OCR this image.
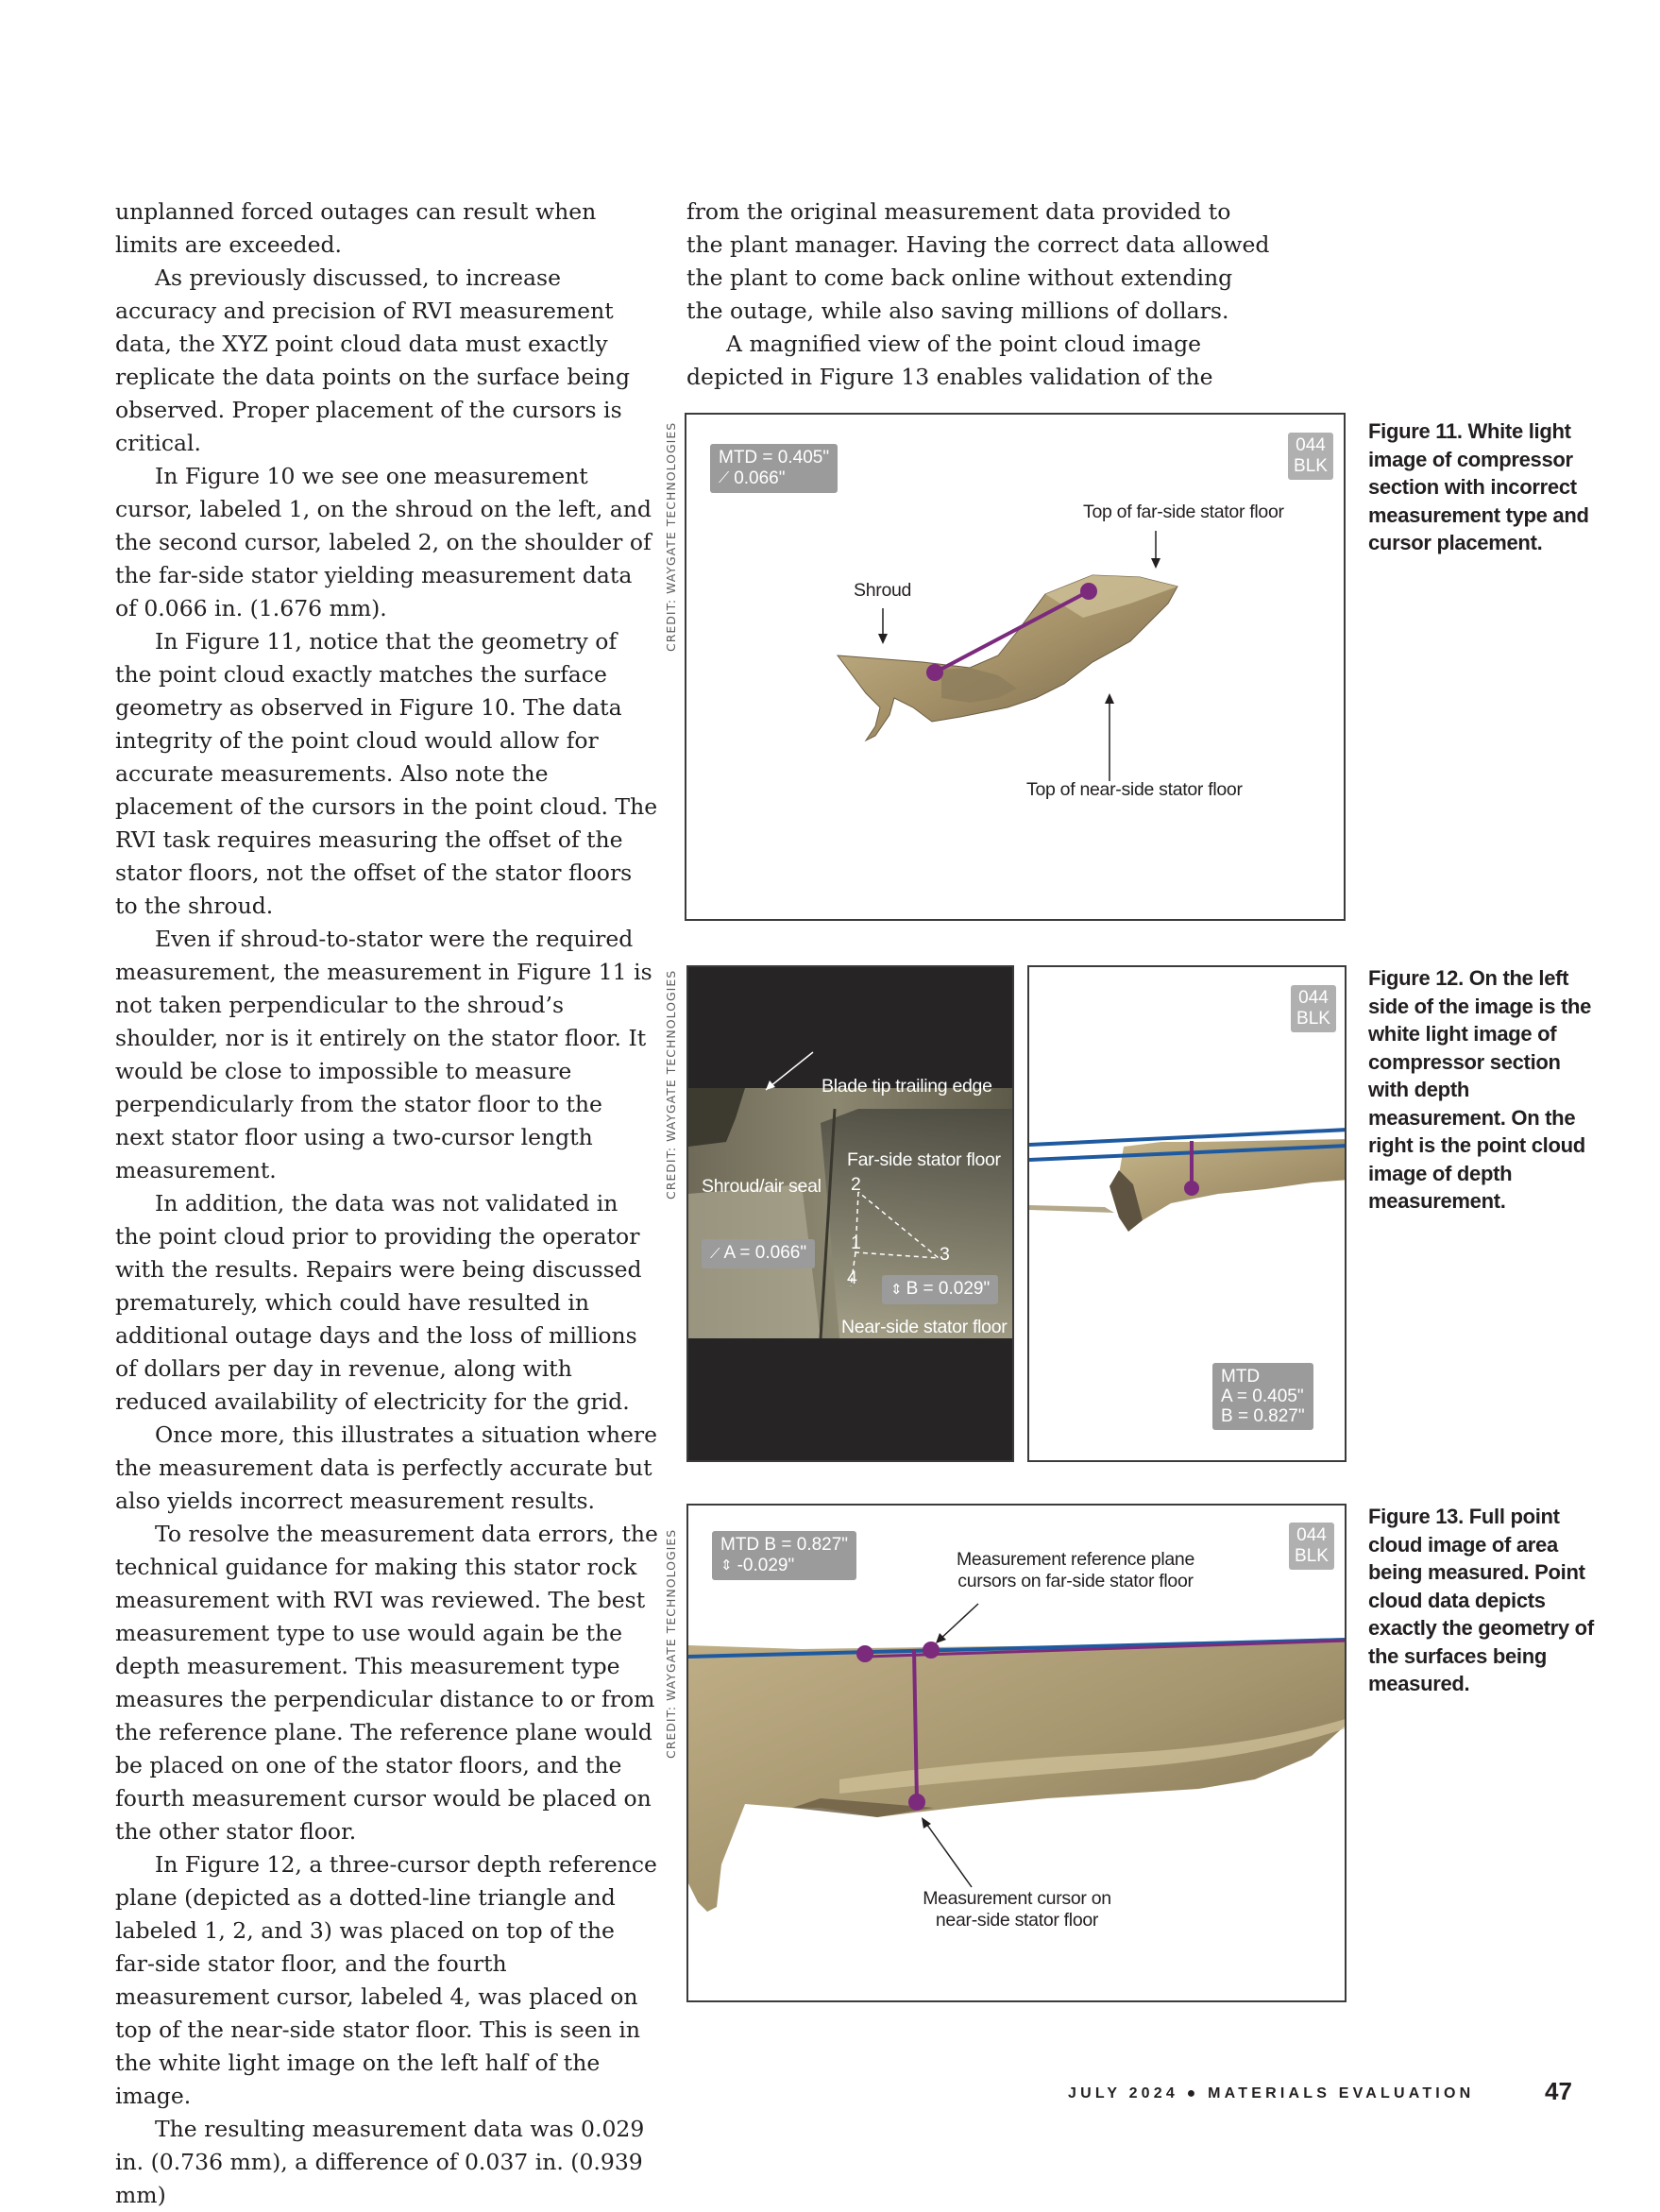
unplanned forced outages can result when limits are exceeded.

As previously discussed, to increase accuracy and precision of RVI measurement data, the XYZ point cloud data must exactly replicate the data points on the surface being observed. Proper placement of the cursors is critical.

In Figure 10 we see one measurement cursor, labeled 1, on the shroud on the left, and the second cursor, labeled 2, on the shoulder of the far-side stator yielding measurement data of 0.066 in. (1.676 mm).

In Figure 11, notice that the geometry of the point cloud exactly matches the surface geometry as observed in Figure 10. The data integrity of the point cloud would allow for accurate measurements. Also note the placement of the cursors in the point cloud. The RVI task requires measuring the offset of the stator floors, not the offset of the stator floors to the shroud.

Even if shroud-to-stator were the required measurement, the measurement in Figure 11 is not taken perpendicular to the shroud’s shoulder, nor is it entirely on the stator floor. It would be close to impossible to measure perpendicularly from the stator floor to the next stator floor using a two-cursor length measurement.

In addition, the data was not validated in the point cloud prior to providing the operator with the results. Repairs were being discussed prematurely, which could have resulted in additional outage days and the loss of millions of dollars per day in revenue, along with reduced availability of electricity for the grid.

Once more, this illustrates a situation where the measurement data is perfectly accurate but also yields incorrect measurement results.

To resolve the measurement data errors, the technical guidance for making this stator rock measurement with RVI was reviewed. The best measurement type to use would again be the depth measurement. This measurement type measures the perpendicular distance to or from the reference plane. The reference plane would be placed on one of the stator floors, and the fourth measurement cursor would be placed on the other stator floor.

In Figure 12, a three-cursor depth reference plane (depicted as a dotted-line triangle and labeled 1, 2, and 3) was placed on top of the far-side stator floor, and the fourth measurement cursor, labeled 4, was placed on top of the near-side stator floor. This is seen in the white light image on the left half of the image.

The resulting measurement data was 0.029 in. (0.736 mm), a difference of 0.037 in. (0.939 mm)

from the original measurement data provided to the plant manager. Having the correct data allowed the plant to come back online without extending the outage, while also saving millions of dollars.

A magnified view of the point cloud image depicted in Figure 13 enables validation of the

CREDIT: WAYGATE TECHNOLOGIES MTD = 0.405"
⟋ 0.066"
044
BLK
Top of far-side stator floor
Shroud
Top of near-side stator floor
Figure 11. White light image of compressor section with incorrect measurement type and cursor placement.
CREDIT: WAYGATE TECHNOLOGIES	Blade tip trailing edge
Far-side stator floor
Shroud/air seal 2
1
3
4
⟋ A = 0.066"
⇕ B = 0.029"
Near-side stator floor
044
BLK
MTD
A = 0.405"
B = 0.827"
Figure 12. On the left side of the image is the white light image of compressor section with depth measurement. On the right is the point cloud image of depth measurement.
CREDIT: WAYGATE TECHNOLOGIES MTD B = 0.827"
⇕ -0.029"
044
BLK
Measurement reference plane
cursors on far-side stator floor
Measurement cursor on
near-side stator floor
Figure 13. Full point cloud image of area being measured. Point cloud data depicts exactly the geometry of the surfaces being measured.
JULY 2024 ● MATERIALS EVALUATION	47
